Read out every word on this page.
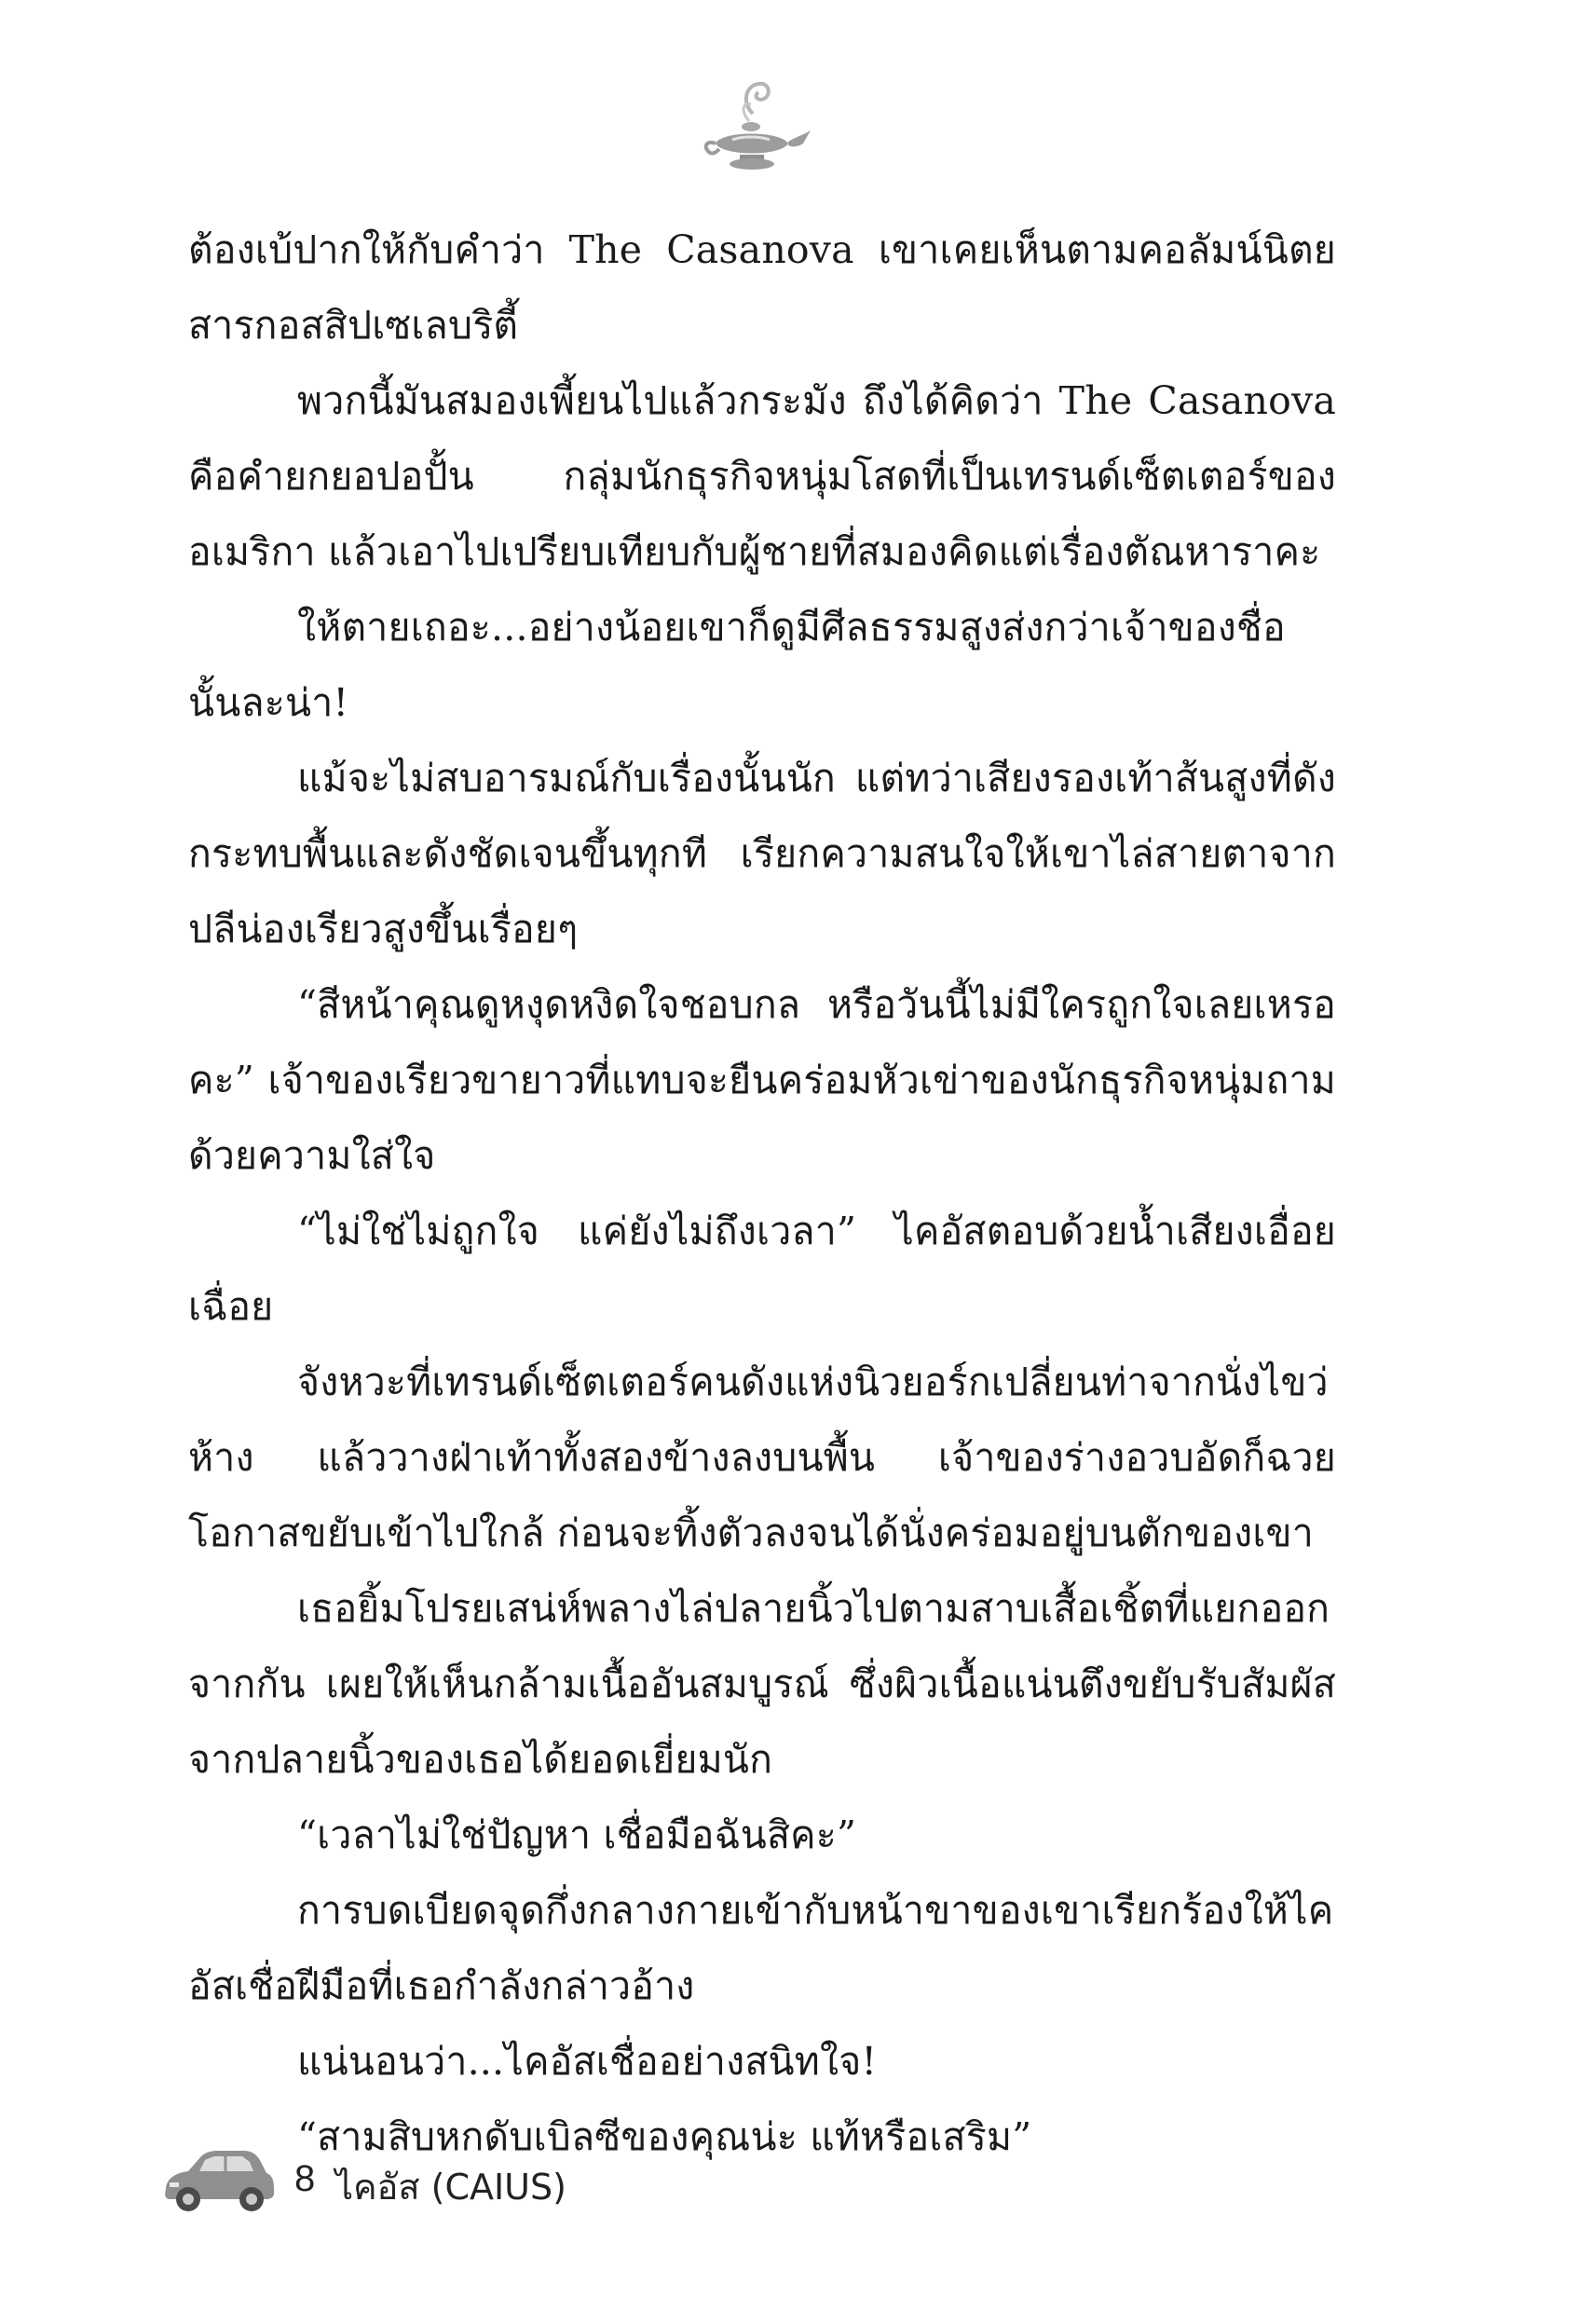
ต้องเบ้ปากให้กับคำว่า The Casanova เขาเคยเห็นตามคอลัมน์นิตยสารกอสสิปเซเลบริตี้

พวกนี้มันสมองเพี้ยนไปแล้วกระมัง ถึงได้คิดว่า The Casanova คือคำยกยอปอปั้น กลุ่มนักธุรกิจหนุ่มโสดที่เป็นเทรนด์เซ็ตเตอร์ของอเมริกา แล้วเอาไปเปรียบเทียบกับผู้ชายที่สมองคิดแต่เรื่องตัณหาราคะ

ให้ตายเถอะ...อย่างน้อยเขาก็ดูมีศีลธรรมสูงส่งกว่าเจ้าของชื่อนั้นละน่า!

แม้จะไม่สบอารมณ์กับเรื่องนั้นนัก แต่ทว่าเสียงรองเท้าส้นสูงที่ดังกระทบพื้นและดังชัดเจนขึ้นทุกที เรียกความสนใจให้เขาไล่สายตาจากปลีน่องเรียวสูงขึ้นเรื่อยๆ

“สีหน้าคุณดูหงุดหงิดใจชอบกล หรือวันนี้ไม่มีใครถูกใจเลยเหรอคะ” เจ้าของเรียวขายาวที่แทบจะยืนคร่อมหัวเข่าของนักธุรกิจหนุ่มถามด้วยความใส่ใจ

“ไม่ใช่ไม่ถูกใจ แค่ยังไม่ถึงเวลา” ไคอัสตอบด้วยน้ำเสียงเอื่อยเฉื่อย

จังหวะที่เทรนด์เซ็ตเตอร์คนดังแห่งนิวยอร์กเปลี่ยนท่าจากนั่งไขว่ห้าง แล้ววางฝ่าเท้าทั้งสองข้างลงบนพื้น เจ้าของร่างอวบอัดก็ฉวยโอกาสขยับเข้าไปใกล้ ก่อนจะทิ้งตัวลงจนได้นั่งคร่อมอยู่บนตักของเขา

เธอยิ้มโปรยเสน่ห์พลางไล่ปลายนิ้วไปตามสาบเสื้อเชิ้ตที่แยกออกจากกัน เผยให้เห็นกล้ามเนื้ออันสมบูรณ์ ซึ่งผิวเนื้อแน่นตึงขยับรับสัมผัสจากปลายนิ้วของเธอได้ยอดเยี่ยมนัก

“เวลาไม่ใช่ปัญหา เชื่อมือฉันสิคะ”

การบดเบียดจุดกึ่งกลางกายเข้ากับหน้าขาของเขาเรียกร้องให้ไคอัสเชื่อฝีมือที่เธอกำลังกล่าวอ้าง

แน่นอนว่า...ไคอัสเชื่ออย่างสนิทใจ!

“สามสิบหกดับเบิลซีของคุณน่ะ แท้หรือเสริม”

8 ไคอัส (CAIUS)
